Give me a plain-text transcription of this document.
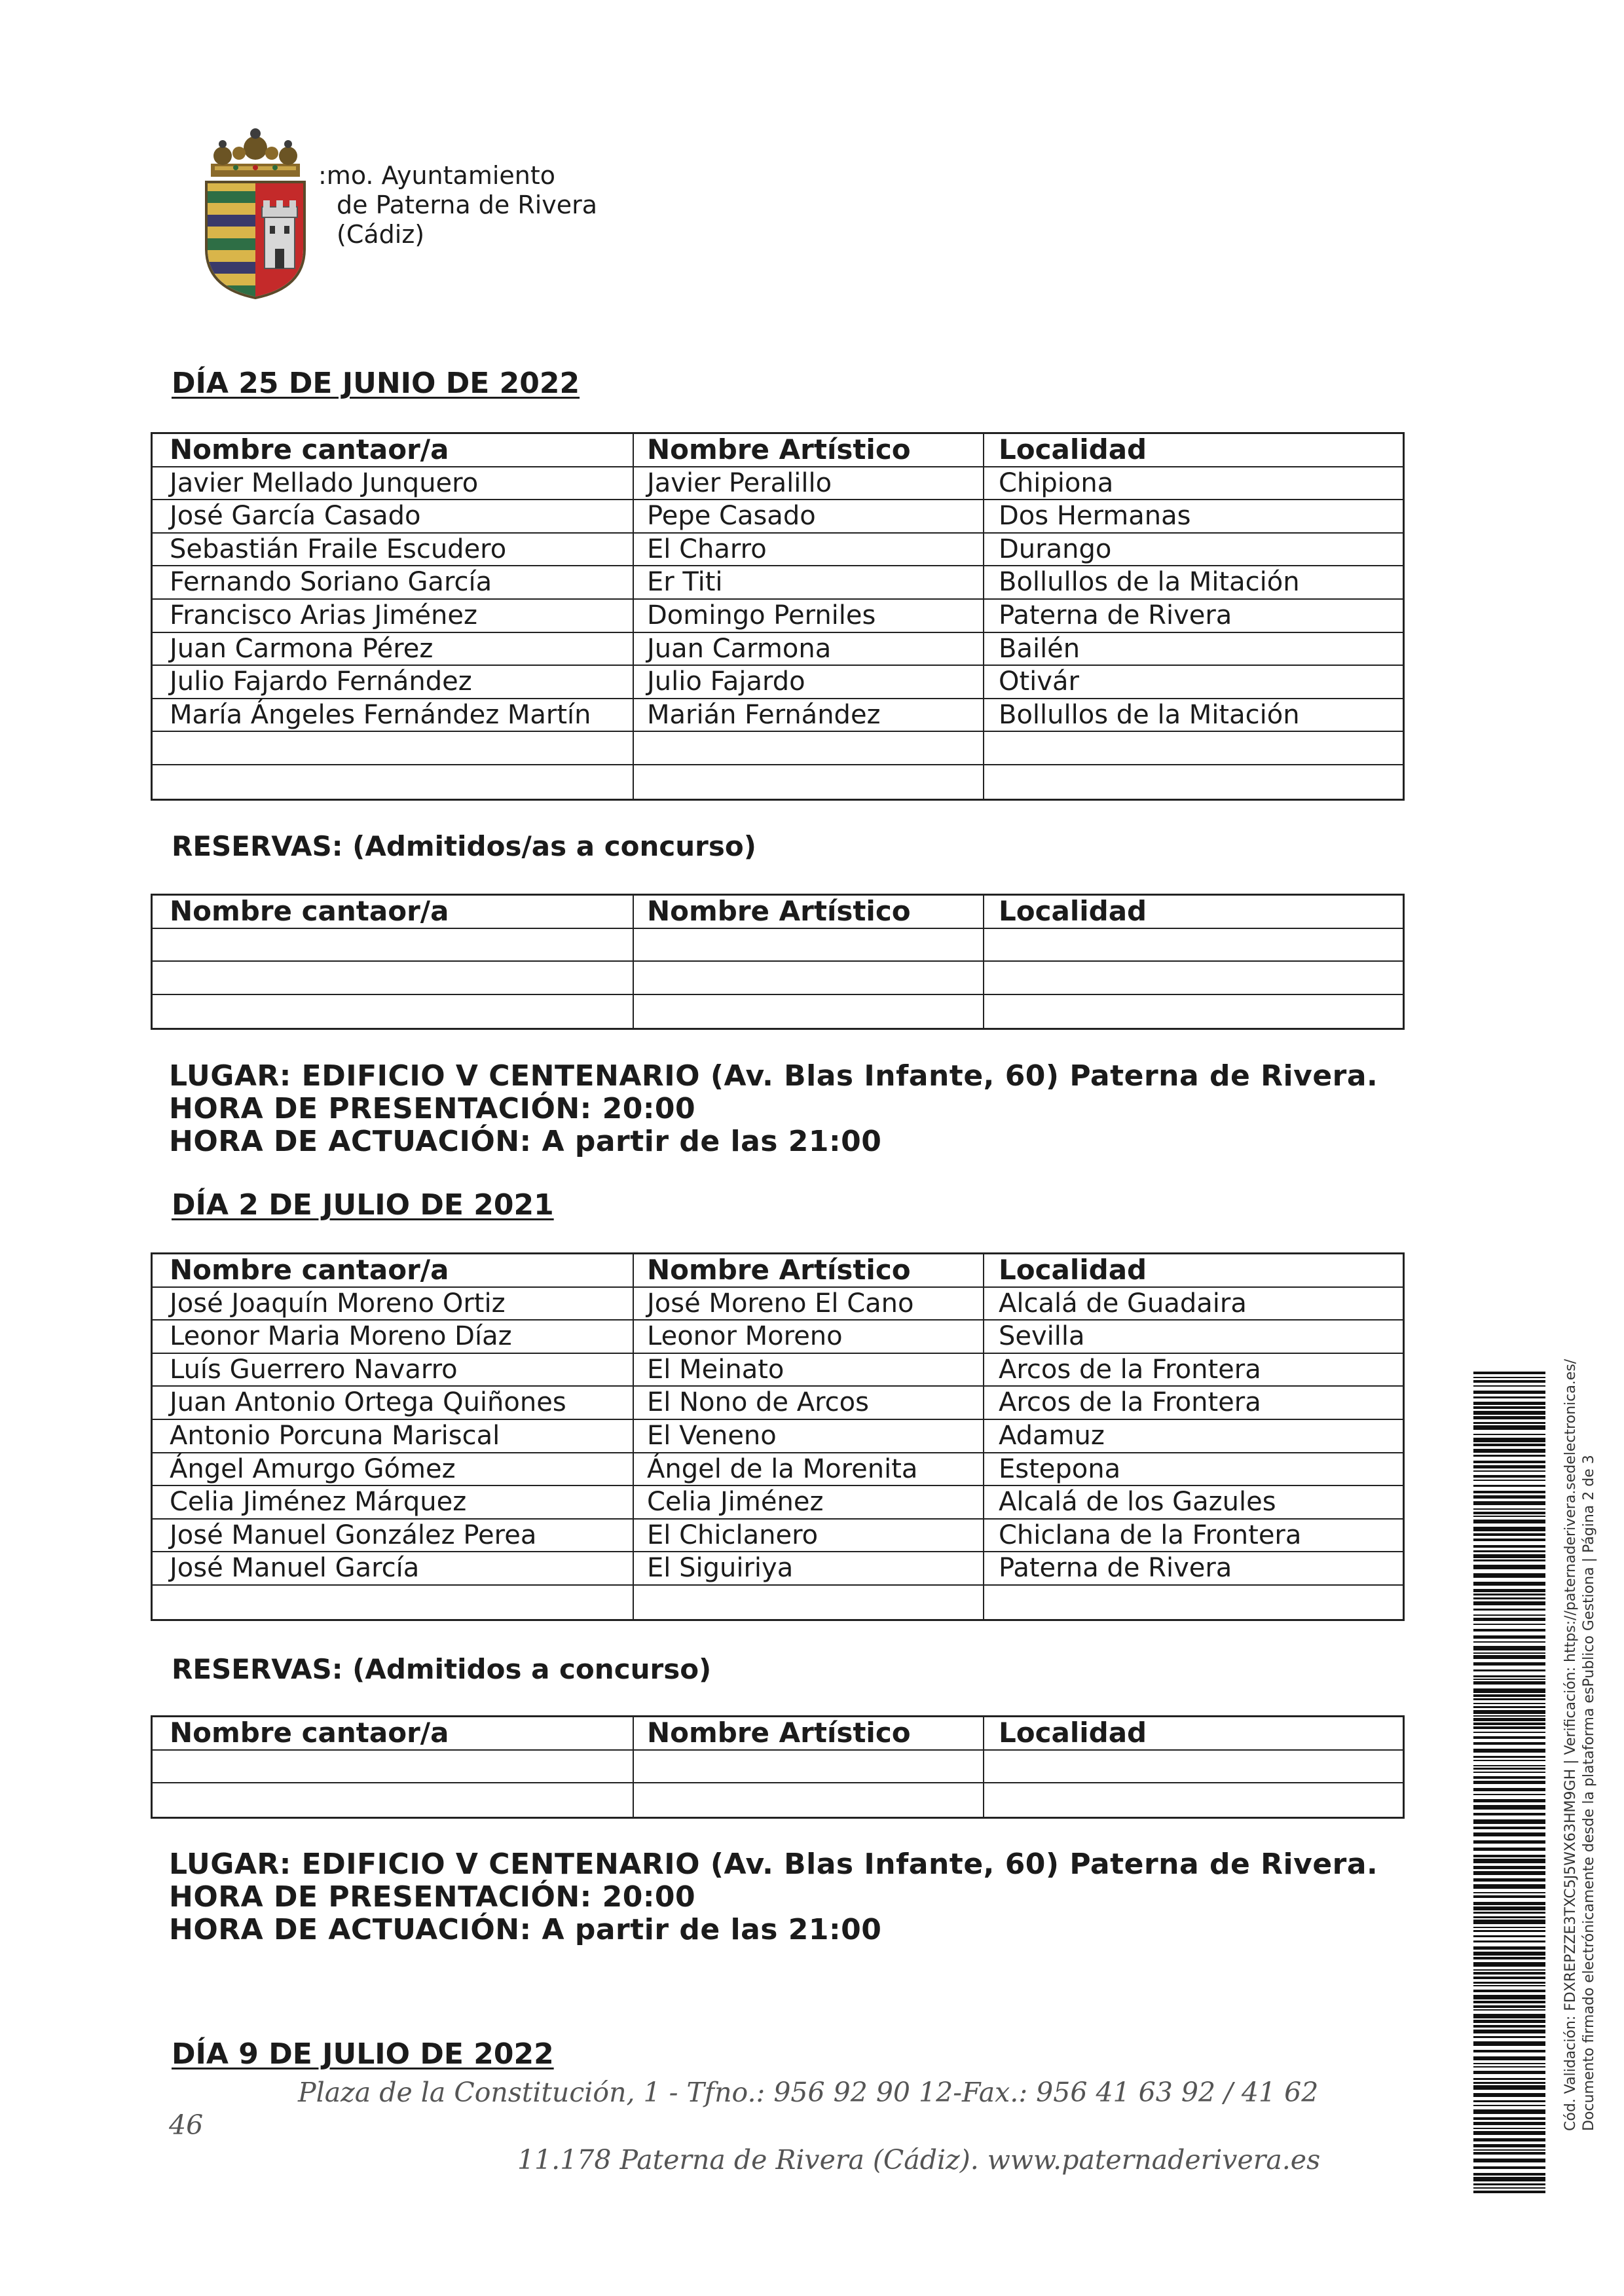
:mo. Ayuntamiento
de Paterna de Rivera
(Cádiz)
DÍA 25 DE JUNIO DE 2022
Nombre cantaor/a	Nombre Artístico	Localidad
Javier Mellado Junquero	Javier Peralillo	Chipiona
José García Casado	Pepe Casado	Dos Hermanas
Sebastián Fraile Escudero	El Charro	Durango
Fernando Soriano García	Er Titi	Bollullos de la Mitación
Francisco Arias Jiménez	Domingo Perniles	Paterna de Rivera
Juan Carmona Pérez	Juan Carmona	Bailén
Julio Fajardo Fernández	Julio Fajardo	Otivár
María Ángeles Fernández Martín	Marián Fernández	Bollullos de la Mitación
RESERVAS: (Admitidos/as a concurso)
Nombre cantaor/a	Nombre Artístico	Localidad
LUGAR: EDIFICIO V CENTENARIO (Av. Blas Infante, 60) Paterna de Rivera.
HORA DE PRESENTACIÓN: 20:00
HORA DE ACTUACIÓN: A partir de las 21:00
DÍA 2 DE JULIO DE 2021
Nombre cantaor/a	Nombre Artístico	Localidad
José Joaquín Moreno Ortiz	José Moreno El Cano	Alcalá de Guadaira
Leonor Maria Moreno Díaz	Leonor Moreno	Sevilla
Luís Guerrero Navarro	El Meinato	Arcos de la Frontera
Juan Antonio Ortega Quiñones	El Nono de Arcos	Arcos de la Frontera
Antonio Porcuna Mariscal	El Veneno	Adamuz
Ángel Amurgo Gómez	Ángel de la Morenita	Estepona
Celia Jiménez Márquez	Celia Jiménez	Alcalá de los Gazules
José Manuel González Perea	El Chiclanero	Chiclana de la Frontera
José Manuel García	El Siguiriya	Paterna de Rivera
RESERVAS: (Admitidos a concurso)
Nombre cantaor/a	Nombre Artístico	Localidad
LUGAR: EDIFICIO V CENTENARIO (Av. Blas Infante, 60) Paterna de Rivera.
HORA DE PRESENTACIÓN: 20:00
HORA DE ACTUACIÓN: A partir de las 21:00
DÍA 9 DE JULIO DE 2022
Plaza de la Constitución, 1 - Tfno.: 956 92 90 12-Fax.: 956 41 63 92 / 41 62
46
11.178 Paterna de Rivera (Cádiz). www.paternaderivera.es
Cód. Validación: FDXREPZZE3TXC5J5WX63HM9GH | Verificación: https://paternaderivera.sedelectronica.es/ Documento firmado electrónicamente desde la plataforma esPublico Gestiona | Página 2 de 3
